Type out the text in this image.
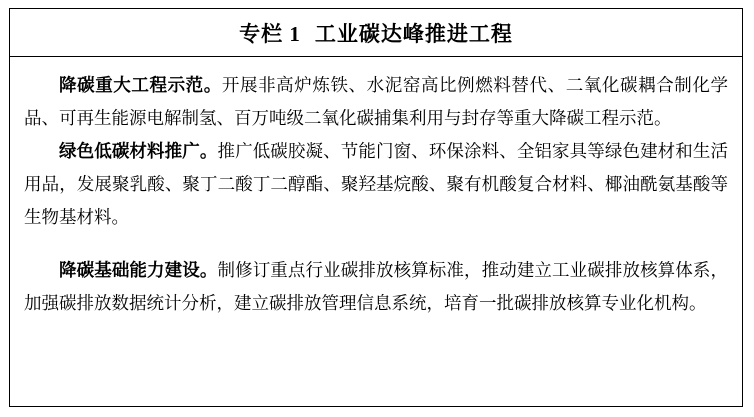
专栏 1 工业碳达峰推进工程

降碳重大工程示范。开展非高炉炼铁、水泥窑高比例燃料替代、二氧化碳耦合制化学品、可再生能源电解制氢、百万吨级二氧化碳捕集利用与封存等重大降碳工程示范。

绿色低碳材料推广。推广低碳胶凝、节能门窗、环保涂料、全铝家具等绿色建材和生活用品，发展聚乳酸、聚丁二酸丁二醇酯、聚羟基烷酸、聚有机酸复合材料、椰油酰氨基酸等生物基材料。

降碳基础能力建设。制修订重点行业碳排放核算标准，推动建立工业碳排放核算体系，加强碳排放数据统计分析，建立碳排放管理信息系统，培育一批碳排放核算专业化机构。
